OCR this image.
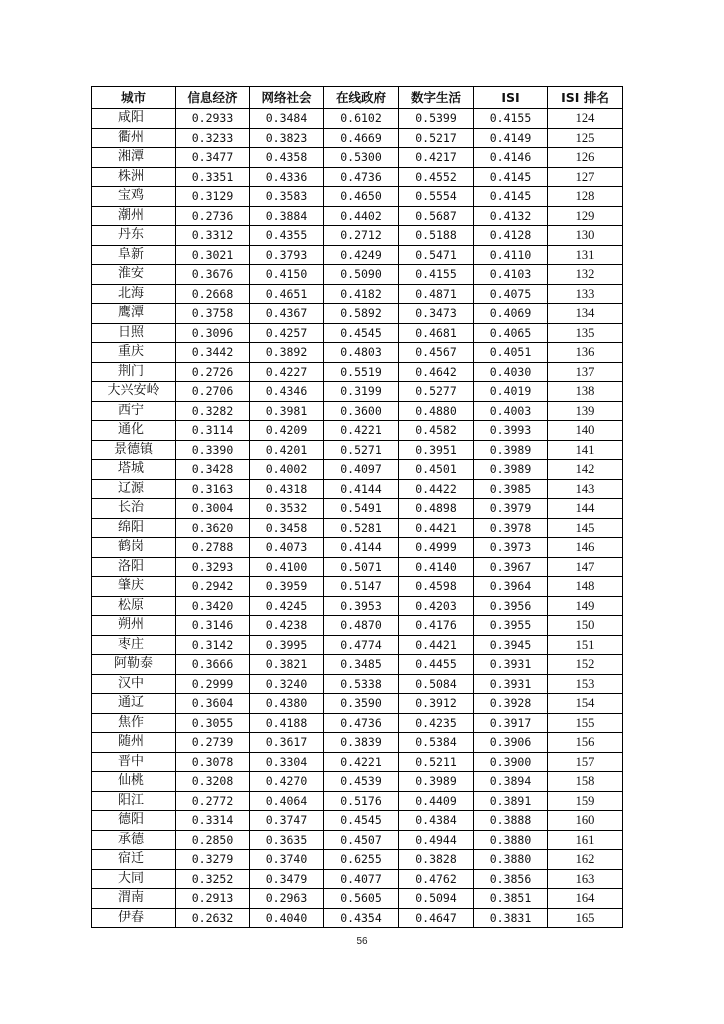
城市	信息经济	网络社会	在线政府	数字生活	ISI	ISI 排名
咸阳	0.2933	0.3484	0.6102	0.5399	0.4155	124
衢州	0.3233	0.3823	0.4669	0.5217	0.4149	125
湘潭	0.3477	0.4358	0.5300	0.4217	0.4146	126
株洲	0.3351	0.4336	0.4736	0.4552	0.4145	127
宝鸡	0.3129	0.3583	0.4650	0.5554	0.4145	128
潮州	0.2736	0.3884	0.4402	0.5687	0.4132	129
丹东	0.3312	0.4355	0.2712	0.5188	0.4128	130
阜新	0.3021	0.3793	0.4249	0.5471	0.4110	131
淮安	0.3676	0.4150	0.5090	0.4155	0.4103	132
北海	0.2668	0.4651	0.4182	0.4871	0.4075	133
鹰潭	0.3758	0.4367	0.5892	0.3473	0.4069	134
日照	0.3096	0.4257	0.4545	0.4681	0.4065	135
重庆	0.3442	0.3892	0.4803	0.4567	0.4051	136
荆门	0.2726	0.4227	0.5519	0.4642	0.4030	137
大兴安岭	0.2706	0.4346	0.3199	0.5277	0.4019	138
西宁	0.3282	0.3981	0.3600	0.4880	0.4003	139
通化	0.3114	0.4209	0.4221	0.4582	0.3993	140
景德镇	0.3390	0.4201	0.5271	0.3951	0.3989	141
塔城	0.3428	0.4002	0.4097	0.4501	0.3989	142
辽源	0.3163	0.4318	0.4144	0.4422	0.3985	143
长治	0.3004	0.3532	0.5491	0.4898	0.3979	144
绵阳	0.3620	0.3458	0.5281	0.4421	0.3978	145
鹤岗	0.2788	0.4073	0.4144	0.4999	0.3973	146
洛阳	0.3293	0.4100	0.5071	0.4140	0.3967	147
肇庆	0.2942	0.3959	0.5147	0.4598	0.3964	148
松原	0.3420	0.4245	0.3953	0.4203	0.3956	149
朔州	0.3146	0.4238	0.4870	0.4176	0.3955	150
枣庄	0.3142	0.3995	0.4774	0.4421	0.3945	151
阿勒泰	0.3666	0.3821	0.3485	0.4455	0.3931	152
汉中	0.2999	0.3240	0.5338	0.5084	0.3931	153
通辽	0.3604	0.4380	0.3590	0.3912	0.3928	154
焦作	0.3055	0.4188	0.4736	0.4235	0.3917	155
随州	0.2739	0.3617	0.3839	0.5384	0.3906	156
晋中	0.3078	0.3304	0.4221	0.5211	0.3900	157
仙桃	0.3208	0.4270	0.4539	0.3989	0.3894	158
阳江	0.2772	0.4064	0.5176	0.4409	0.3891	159
德阳	0.3314	0.3747	0.4545	0.4384	0.3888	160
承德	0.2850	0.3635	0.4507	0.4944	0.3880	161
宿迁	0.3279	0.3740	0.6255	0.3828	0.3880	162
大同	0.3252	0.3479	0.4077	0.4762	0.3856	163
渭南	0.2913	0.2963	0.5605	0.5094	0.3851	164
伊春	0.2632	0.4040	0.4354	0.4647	0.3831	165
56
